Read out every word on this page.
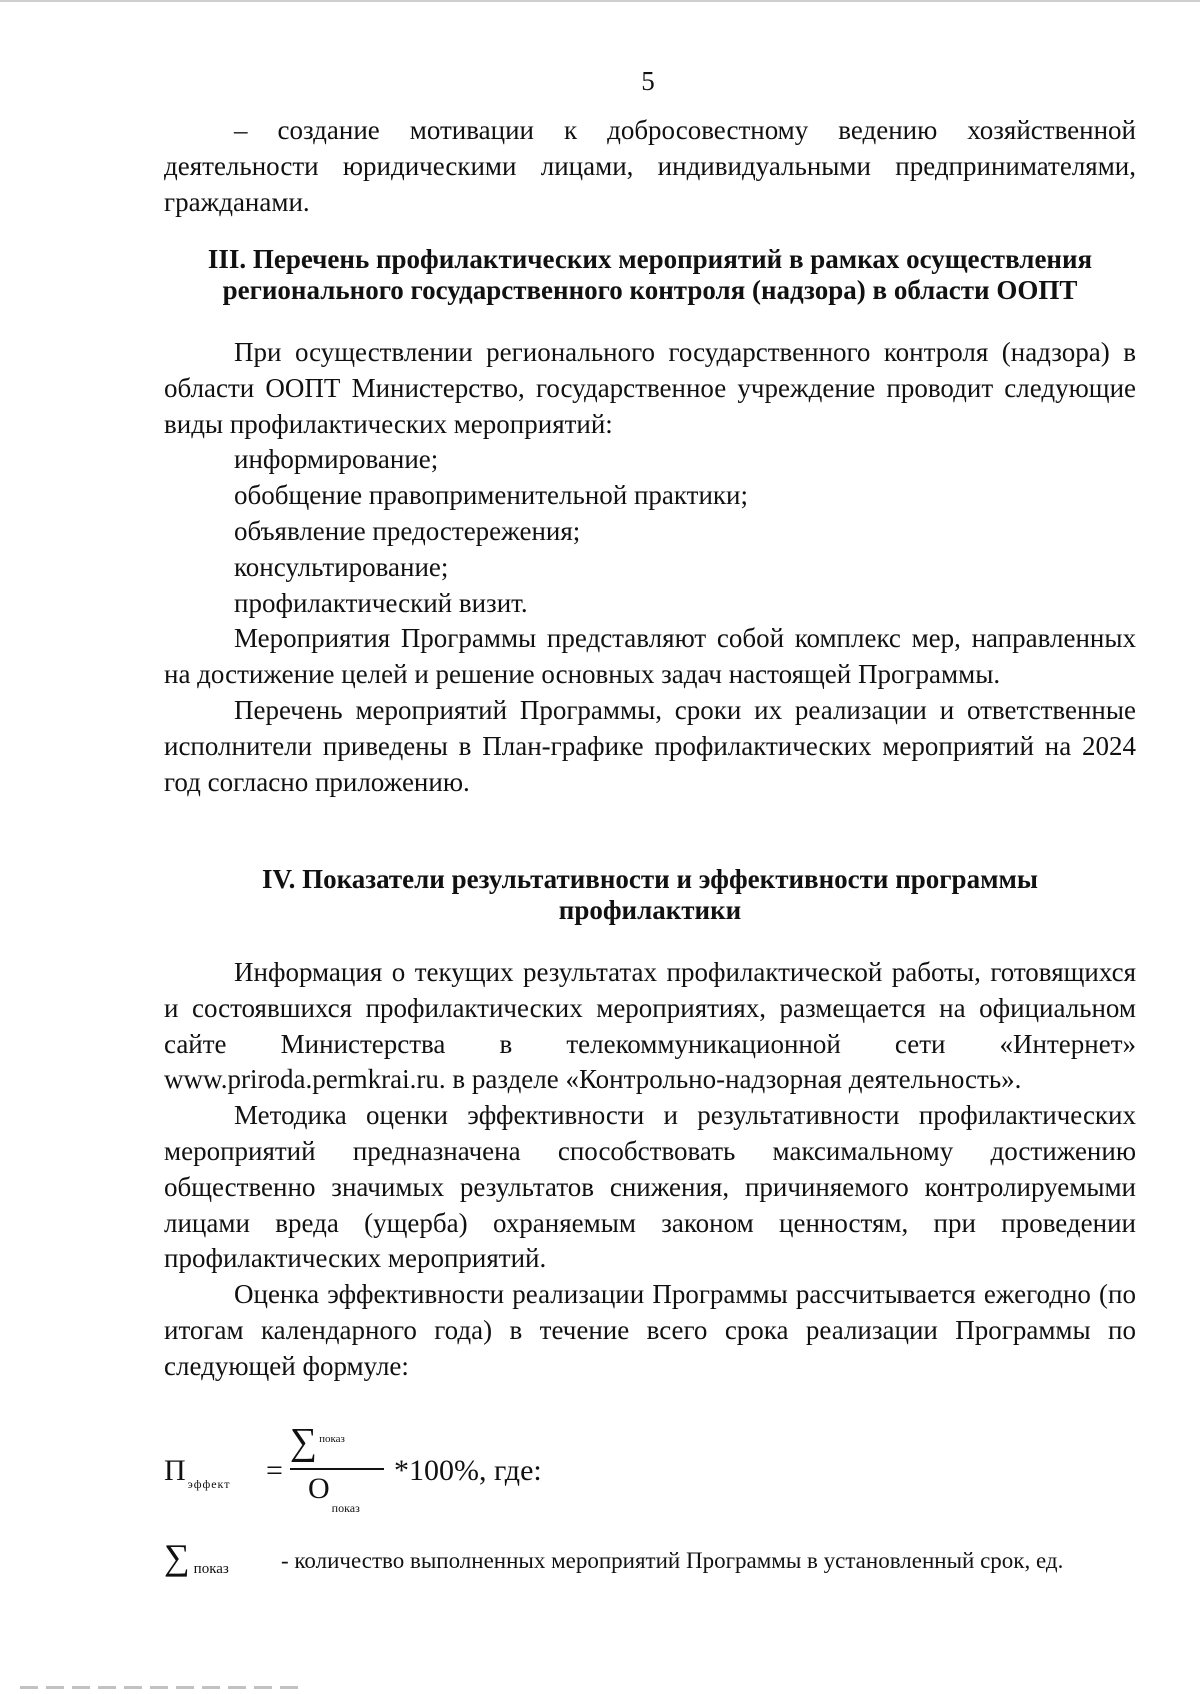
5

– создание мотивации к добросовестному ведению хозяйственной деятельности юридическими лицами, индивидуальными предпринимателями, гражданами.

III. Перечень профилактических мероприятий в рамках осуществления

регионального государственного контроля (надзора) в области ООПТ

При осуществлении регионального государственного контроля (надзора) в области ООПТ Министерство, государственное учреждение проводит следующие виды профилактических мероприятий:

информирование;

обобщение правоприменительной практики;

объявление предостережения;

консультирование;

профилактический визит.

Мероприятия Программы представляют собой комплекс мер, направленных на достижение целей и решение основных задач настоящей Программы.

Перечень мероприятий Программы, сроки их реализации и ответственные исполнители приведены в План-графике профилактических мероприятий на 2024 год согласно приложению.

IV. Показатели результативности и эффективности программы

профилактики

Информация о текущих результатах профилактической работы, готовящихся и состоявшихся профилактических мероприятиях, размещается на официальном сайте Министерства в телекоммуникационной сети «Интернет» www.priroda.permkrai.ru. в разделе «Контрольно-надзорная деятельность».

Методика оценки эффективности и результативности профилактических мероприятий предназначена способствовать максимальному достижению общественно значимых результатов снижения, причиняемого контролируемыми лицами вреда (ущерба) охраняемым законом ценностям, при проведении профилактических мероприятий.

Оценка эффективности реализации Программы рассчитывается ежегодно (по итогам календарного года) в течение всего срока реализации Программы по следующей формуле:

П $_{эффект}$ =
∑ $^{показ}$
$О_{показ}$
*100%, где:
∑ показ - количество выполненных мероприятий Программы в установленный срок, ед.
